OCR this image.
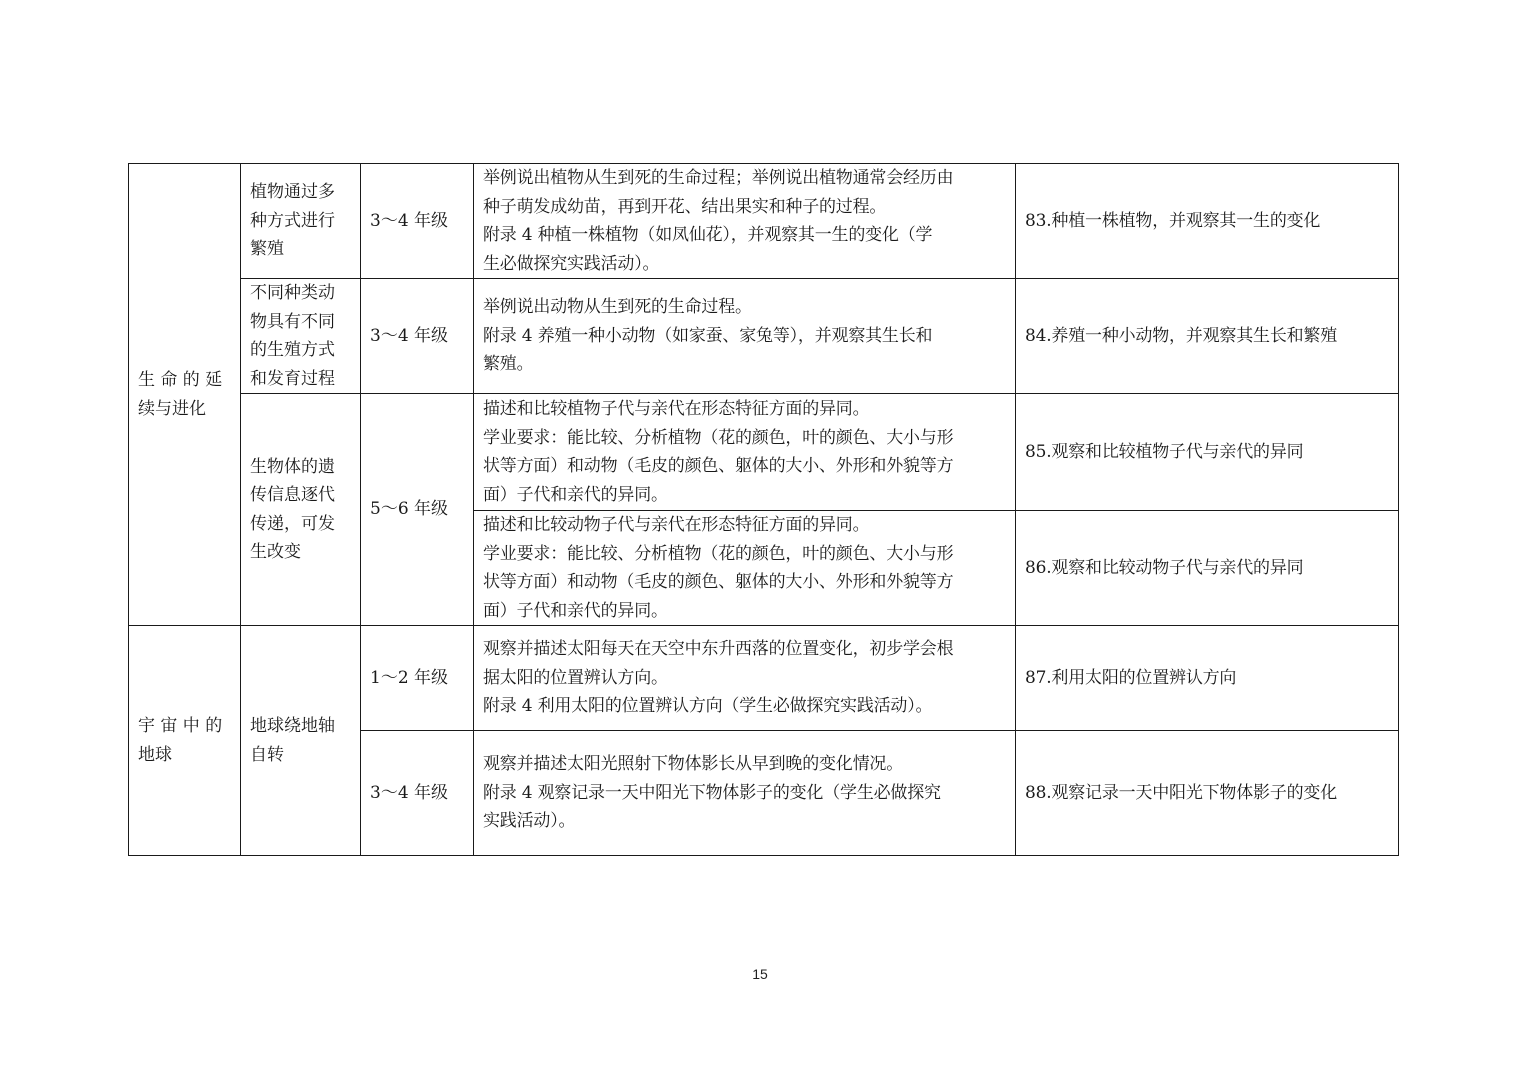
生 命 的 延 续与进化	植物通过多种方式进行繁殖	3～4 年级	举例说出植物从生到死的生命过程；举例说出植物通常会经历由
种子萌发成幼苗，再到开花、结出果实和种子的过程。
附录 4 种植一株植物（如凤仙花），并观察其一生的变化（学
生必做探究实践活动）。	83.种植一株植物，并观察其一生的变化
	不同种类动物具有不同的生殖方式和发育过程	3～4 年级	举例说出动物从生到死的生命过程。
附录 4 养殖一种小动物（如家蚕、家兔等），并观察其生长和
繁殖。	84.养殖一种小动物，并观察其生长和繁殖
	生物体的遗传信息逐代传递，可发生改变	5～6 年级	描述和比较植物子代与亲代在形态特征方面的异同。
学业要求：能比较、分析植物（花的颜色，叶的颜色、大小与形
状等方面）和动物（毛皮的颜色、躯体的大小、外形和外貌等方
面）子代和亲代的异同。	85.观察和比较植物子代与亲代的异同

			描述和比较动物子代与亲代在形态特征方面的异同。
学业要求：能比较、分析植物（花的颜色，叶的颜色、大小与形
状等方面）和动物（毛皮的颜色、躯体的大小、外形和外貌等方
面）子代和亲代的异同。	86.观察和比较动物子代与亲代的异同
宇 宙 中 的 地球	地球绕地轴自转	1～2 年级	观察并描述太阳每天在天空中东升西落的位置变化，初步学会根
据太阳的位置辨认方向。
附录 4 利用太阳的位置辨认方向（学生必做探究实践活动）。	87.利用太阳的位置辨认方向
		3～4 年级	观察并描述太阳光照射下物体影长从早到晚的变化情况。
附录 4 观察记录一天中阳光下物体影子的变化（学生必做探究
实践活动）。	88.观察记录一天中阳光下物体影子的变化
15
